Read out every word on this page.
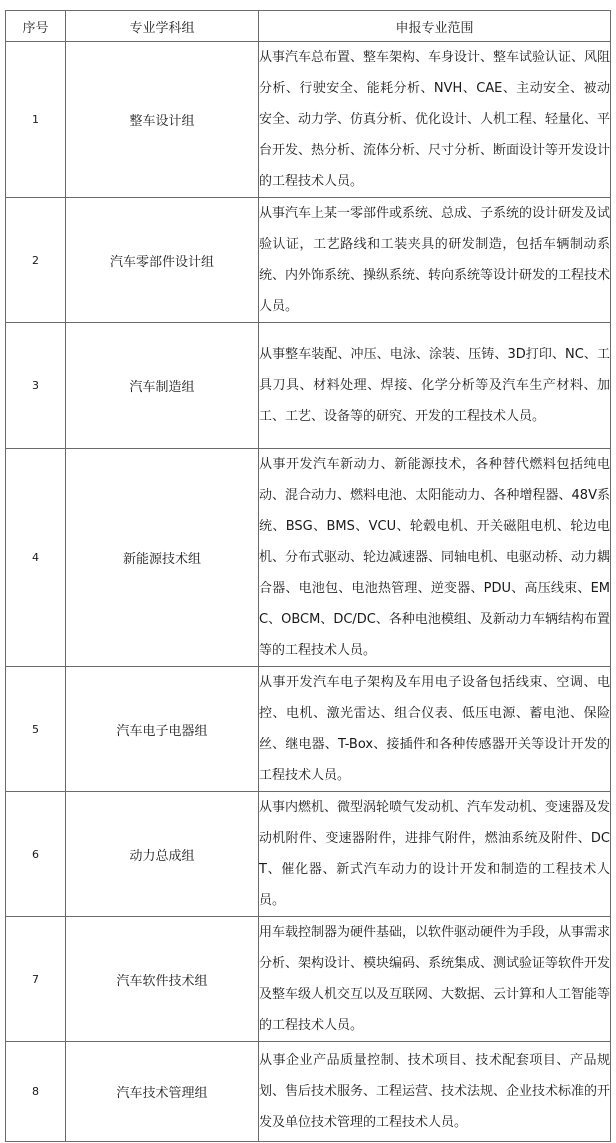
序号	专业学科组	申报专业范围
1	整车设计组	从事汽车总布置、整车架构、车身设计、整车试验认证、风阻分析、行驶安全、能耗分析、NVH、CAE、主动安全、被动安全、动力学、仿真分析、优化设计、人机工程、轻量化、平台开发、热分析、流体分析、尺寸分析、断面设计等开发设计的工程技术人员。
2	汽车零部件设计组	从事汽车上某一零部件或系统、总成、子系统的设计研发及试验认证，工艺路线和工装夹具的研发制造，包括车辆制动系统、内外饰系统、操纵系统、转向系统等设计研发的工程技术人员。
3	汽车制造组	从事整车装配、冲压、电泳、涂装、压铸、3D打印、NC、工具刀具、材料处理、焊接、化学分析等及汽车生产材料、加工、工艺、设备等的研究、开发的工程技术人员。
4	新能源技术组	从事开发汽车新动力、新能源技术，各种替代燃料包括纯电动、混合动力、燃料电池、太阳能动力、各种增程器、48V系统、BSG、BMS、VCU、轮毂电机、开关磁阻电机、轮边电机、分布式驱动、轮边减速器、同轴电机、电驱动桥、动力耦合器、电池包、电池热管理、逆变器、PDU、高压线束、EMC、OBCM、DC/DC、各种电池模组、及新动力车辆结构布置等的工程技术人员。
5	汽车电子电器组	从事开发汽车电子架构及车用电子设备包括线束、空调、电控、电机、激光雷达、组合仪表、低压电源、蓄电池、保险丝、继电器、T-Box、接插件和各种传感器开关等设计开发的工程技术人员。
6	动力总成组	从事内燃机、微型涡轮喷气发动机、汽车发动机、变速器及发动机附件、变速器附件，进排气附件，燃油系统及附件、DCT、催化器、新式汽车动力的设计开发和制造的工程技术人员。
7	汽车软件技术组	用车载控制器为硬件基础，以软件驱动硬件为手段，从事需求分析、架构设计、模块编码、系统集成、测试验证等软件开发及整车级人机交互以及互联网、大数据、云计算和人工智能等的工程技术人员。
8	汽车技术管理组	从事企业产品质量控制、技术项目、技术配套项目、产品规划、售后技术服务、工程运营、技术法规、企业技术标准的开发及单位技术管理的工程技术人员。
